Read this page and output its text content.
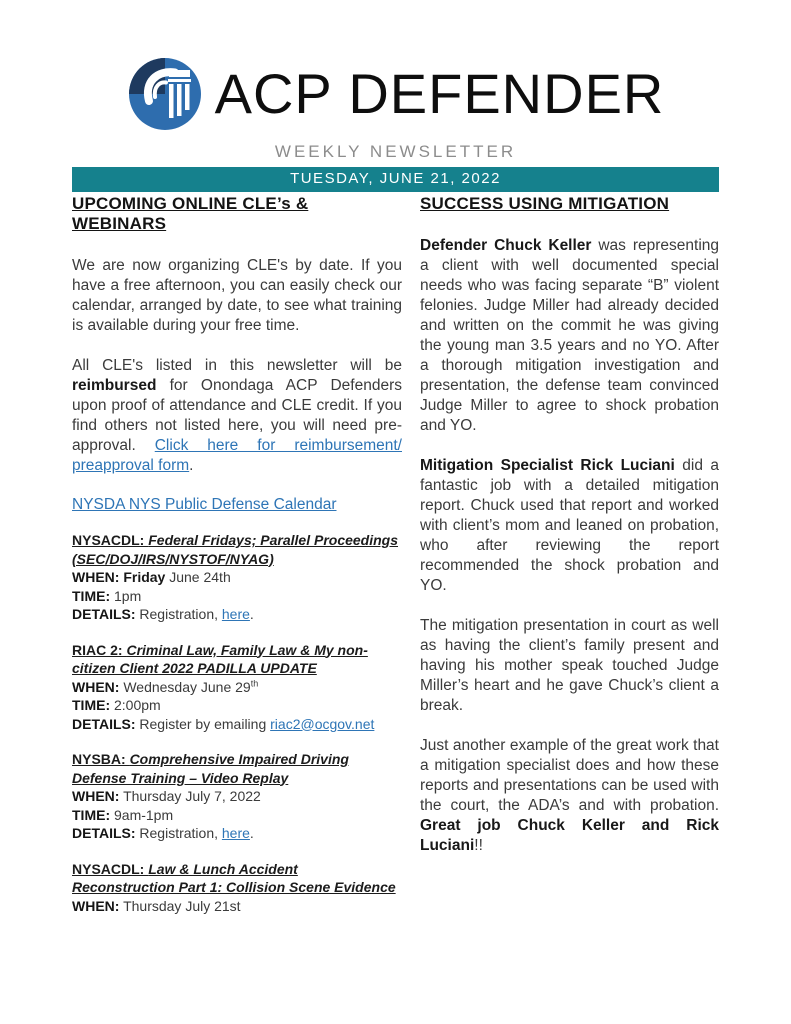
ACP DEFENDER
WEEKLY NEWSLETTER
TUESDAY, JUNE 21, 2022
UPCOMING ONLINE CLE’s & WEBINARS

We are now organizing CLE's by date. If you have a free afternoon, you can easily check our calendar, arranged by date, to see what training is available during your free time.

All CLE's listed in this newsletter will be reimbursed for Onondaga ACP Defenders upon proof of attendance and CLE credit. If you find others not listed here, you will need pre-approval. Click here for reimbursement/ preapproval form.

NYSDA NYS Public Defense Calendar
NYSACDL: Federal Fridays; Parallel Proceedings (SEC/DOJ/IRS/NYSTOF/NYAG)
WHEN: Friday June 24th
TIME: 1pm
DETAILS: Registration, here.
RIAC 2: Criminal Law, Family Law & My non-citizen Client 2022 PADILLA UPDATE
WHEN: Wednesday June 29th
TIME: 2:00pm
DETAILS: Register by emailing riac2@ocgov.net
NYSBA: Comprehensive Impaired Driving Defense Training – Video Replay
WHEN: Thursday July 7, 2022
TIME: 9am-1pm
DETAILS: Registration, here.
NYSACDL: Law & Lunch Accident Reconstruction Part 1: Collision Scene Evidence
WHEN: Thursday July 21st
SUCCESS USING MITIGATION

Defender Chuck Keller was representing a client with well documented special needs who was facing separate “B” violent felonies. Judge Miller had already decided and written on the commit he was giving the young man 3.5 years and no YO. After a thorough mitigation investigation and presentation, the defense team convinced Judge Miller to agree to shock probation and YO.

Mitigation Specialist Rick Luciani did a fantastic job with a detailed mitigation report. Chuck used that report and worked with client’s mom and leaned on probation, who after reviewing the report recommended the shock probation and YO.

The mitigation presentation in court as well as having the client’s family present and having his mother speak touched Judge Miller’s heart and he gave Chuck’s client a break.

Just another example of the great work that a mitigation specialist does and how these reports and presentations can be used with the court, the ADA’s and with probation. Great job Chuck Keller and Rick Luciani!!
